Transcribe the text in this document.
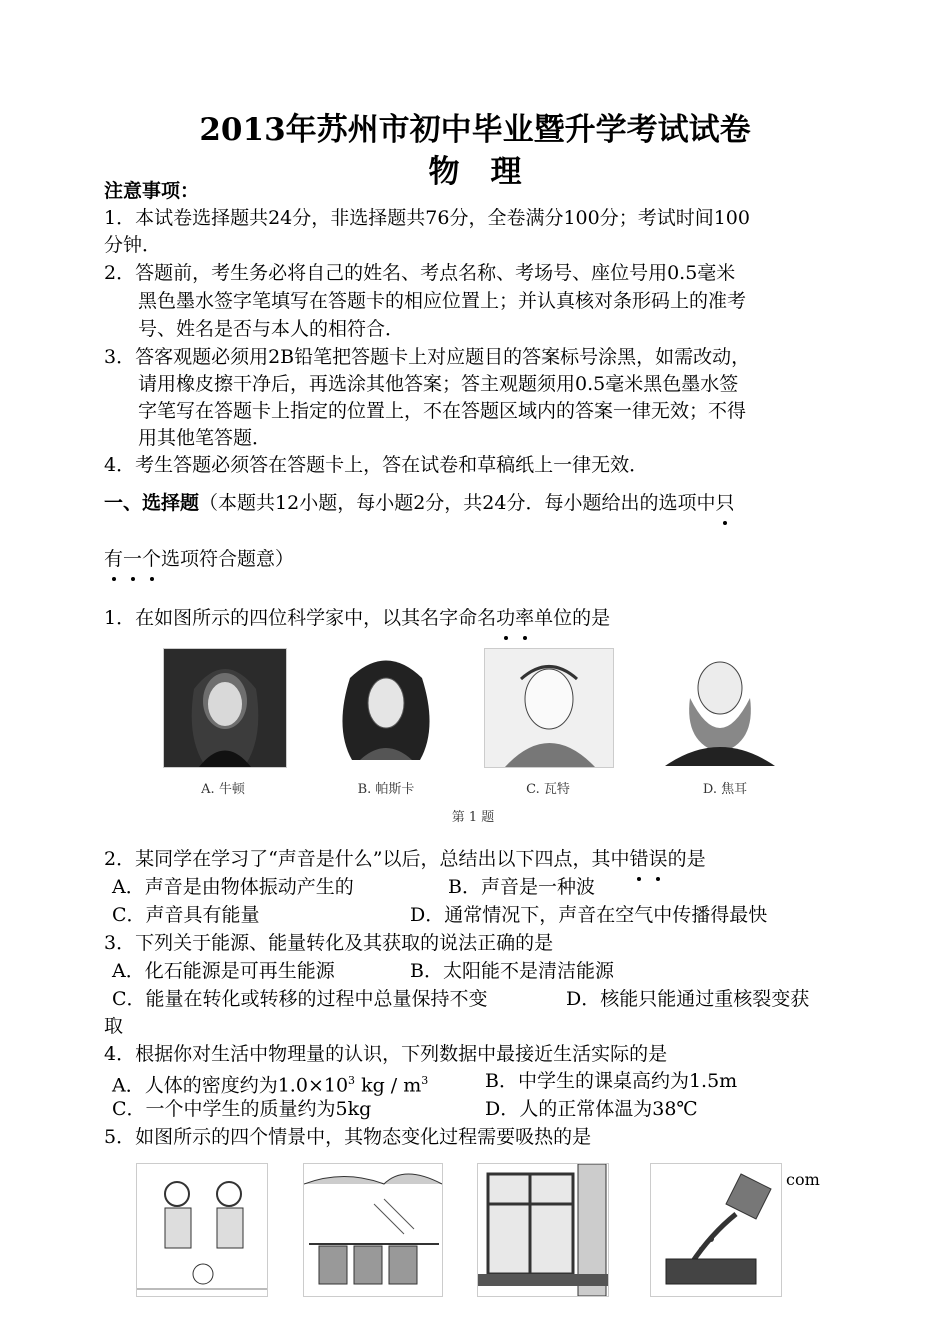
2013年苏州市初中毕业暨升学考试试卷
物　理
注意事项：
1．本试卷选择题共24分，非选择题共76分，全卷满分100分；考试时间100
分钟．
2．答题前，考生务必将自己的姓名、考点名称、考场号、座位号用0.5毫米
黑色墨水签字笔填写在答题卡的相应位置上；并认真核对条形码上的准考
号、姓名是否与本人的相符合．
3．答客观题必须用2B铅笔把答题卡上对应题目的答案标号涂黑，如需改动，
请用橡皮擦干净后，再选涂其他答案；答主观题须用0.5毫米黑色墨水签
字笔写在答题卡上指定的位置上，不在答题区域内的答案一律无效；不得
用其他笔答题．
4．考生答题必须答在答题卡上，答在试卷和草稿纸上一律无效．
一、选择题（本题共12小题，每小题2分，共24分．每小题给出的选项中只
有一个选项符合题意）
1．在如图所示的四位科学家中，以其名字命名功率单位的是
A. 牛顿	B. 帕斯卡	C. 瓦特	D. 焦耳
第 1 题
2．某同学在学习了“声音是什么”以后，总结出以下四点，其中错误的是
A．声音是由物体振动产生的	B．声音是一种波
C．声音具有能量	D．通常情况下，声音在空气中传播得最快
3．下列关于能源、能量转化及其获取的说法正确的是
A．化石能源是可再生能源	B．太阳能不是清洁能源
C．能量在转化或转移的过程中总量保持不变	D．核能只能通过重核裂变获
取
4．根据你对生活中物理量的认识，下列数据中最接近生活实际的是
A．人体的密度约为$1.0\times 10^3$ kg / $m^3$	B．中学生的课桌高约为1.5m
C．一个中学生的质量约为5kg	D．人的正常体温为38℃
5．如图所示的四个情景中，其物态变化过程需要吸热的是
com
